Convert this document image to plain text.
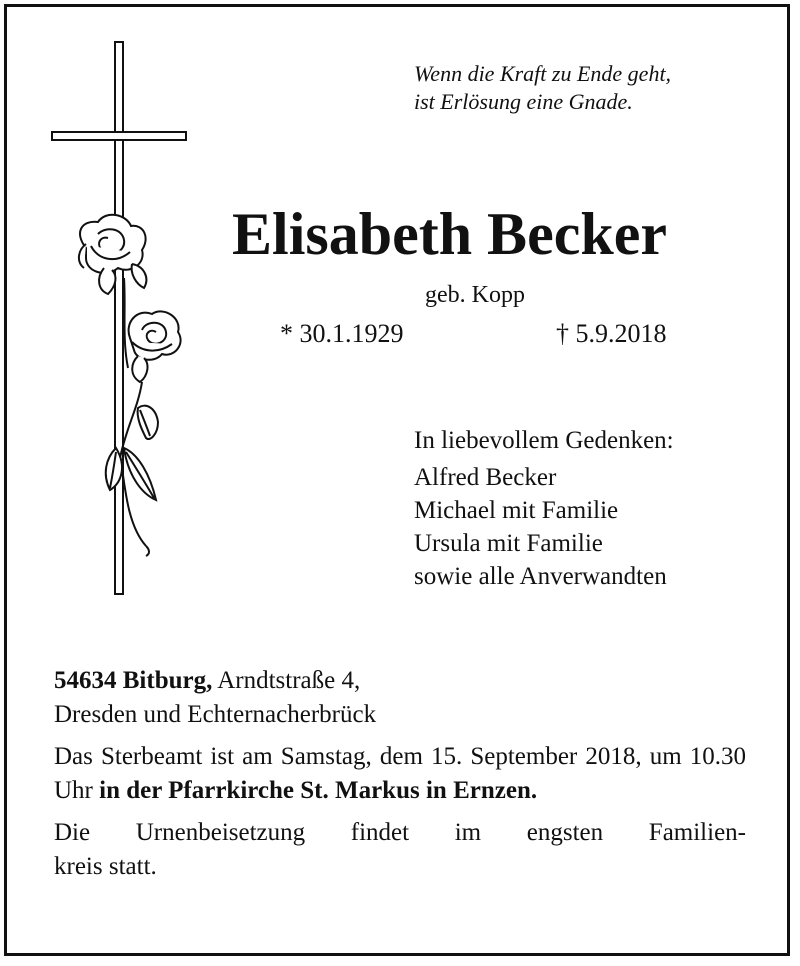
Wenn die Kraft zu Ende geht,
ist Erlösung eine Gnade.
Elisabeth Becker
geb. Kopp
* 30.1.1929	† 5.9.2018
In liebevollem Gedenken:
Alfred Becker
Michael mit Familie
Ursula mit Familie
sowie alle Anverwandten
54634 Bitburg, Arndtstraße 4,
Dresden und Echternacherbrück
Das Sterbeamt ist am Samstag, dem 15. September 2018, um 10.30 Uhr in der Pfarrkirche St. Markus in Ernzen.
Die Urnenbeisetzung findet im engsten Familien-
kreis statt.
